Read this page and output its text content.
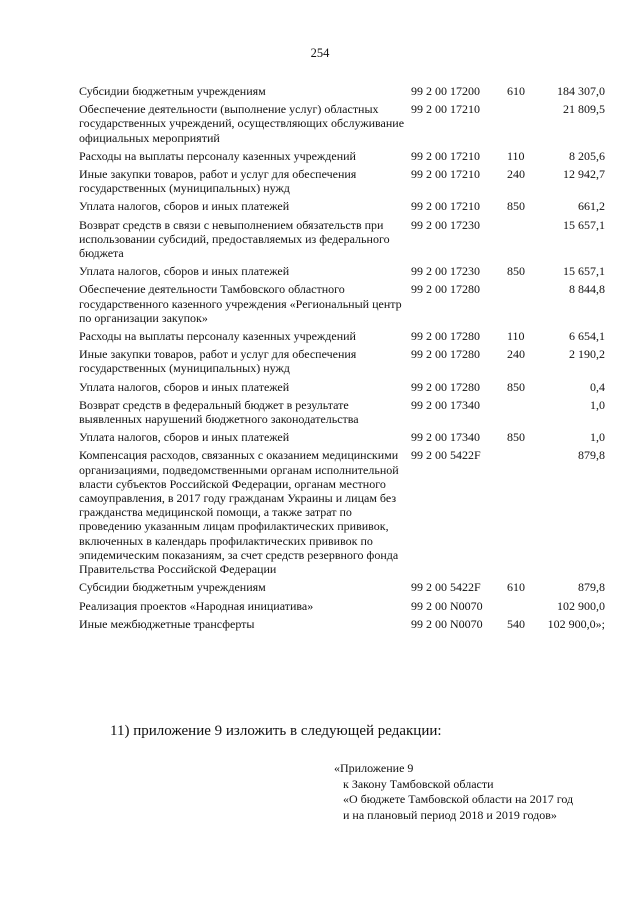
254
Субсидии бюджетным учреждениям	99 2 00 17200	610	184 307,0
Обеспечение деятельности (выполнение услуг) областных государственных учреждений, осуществляющих обслуживание официальных мероприятий	99 2 00 17210		21 809,5
Расходы на выплаты персоналу казенных учреждений	99 2 00 17210	110	8 205,6
Иные закупки товаров, работ и услуг для обеспечения государственных (муниципальных) нужд	99 2 00 17210	240	12 942,7
Уплата налогов, сборов и иных платежей	99 2 00 17210	850	661,2
Возврат средств в связи с невыполнением обязательств при использовании субсидий, предоставляемых из федерального бюджета	99 2 00 17230		15 657,1
Уплата налогов, сборов и иных платежей	99 2 00 17230	850	15 657,1
Обеспечение деятельности Тамбовского областного государственного казенного учреждения «Региональный центр по организации закупок»	99 2 00 17280		8 844,8
Расходы на выплаты персоналу казенных учреждений	99 2 00 17280	110	6 654,1
Иные закупки товаров, работ и услуг для обеспечения государственных (муниципальных) нужд	99 2 00 17280	240	2 190,2
Уплата налогов, сборов и иных платежей	99 2 00 17280	850	0,4
Возврат средств в федеральный бюджет в результате выявленных нарушений бюджетного законодательства	99 2 00 17340		1,0
Уплата налогов, сборов и иных платежей	99 2 00 17340	850	1,0
Компенсация расходов, связанных с оказанием медицинскими организациями, подведомственными органам исполнительной власти субъектов Российской Федерации, органам местного самоуправления, в 2017 году гражданам Украины и лицам без гражданства медицинской помощи, а также затрат по проведению указанным лицам профилактических прививок, включенных в календарь профилактических прививок по эпидемическим показаниям, за счет средств резервного фонда Правительства Российской Федерации	99 2 00 5422F		879,8
Субсидии бюджетным учреждениям	99 2 00 5422F	610	879,8
Реализация проектов «Народная инициатива»	99 2 00 N0070		102 900,0
Иные межбюджетные трансферты	99 2 00 N0070	540	102 900,0»;
11) приложение 9 изложить в следующей редакции:
«Приложение 9
к Закону Тамбовской области
«О бюджете Тамбовской области на 2017 год
и на плановый период 2018 и 2019 годов»
